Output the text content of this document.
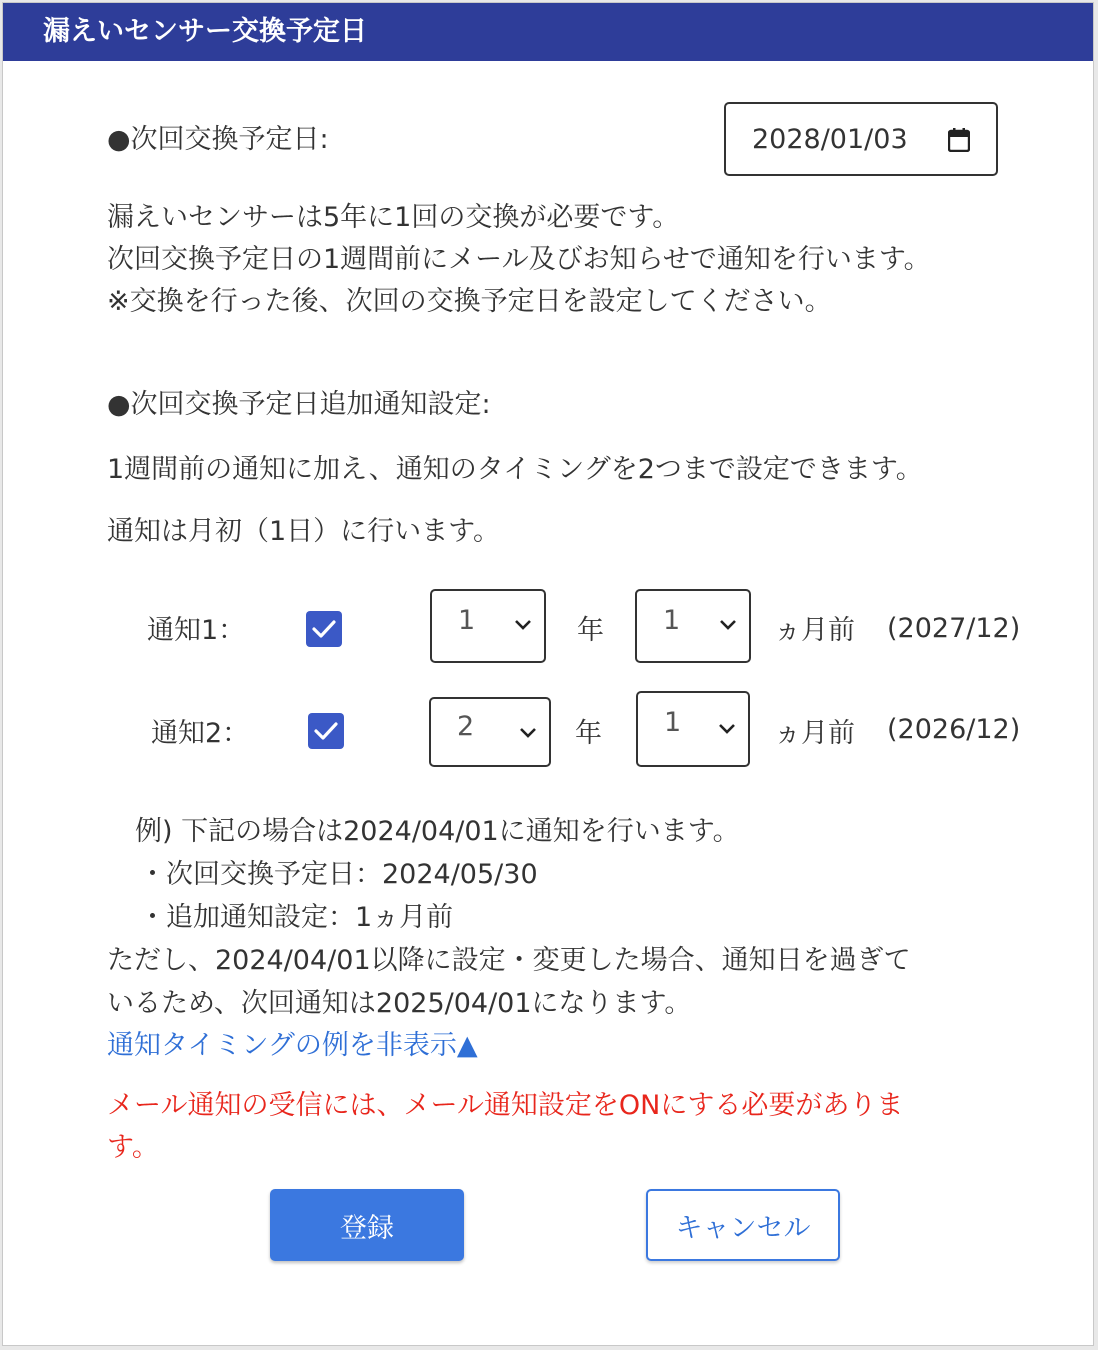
漏えいセンサー交換予定日
●次回交換予定日:	2028/01/03
漏えいセンサーは5年に1回の交換が必要です。
次回交換予定日の1週間前にメール及びお知らせで通知を行います。
※交換を行った後、次回の交換予定日を設定してください。
●次回交換予定日追加通知設定:
1週間前の通知に加え、通知のタイミングを2つまで設定できます。
通知は月初（1日）に行います。
通知1：	1	年 1	ヵ月前 (2027/12)
通知2：	2	年 1	ヵ月前 (2026/12)
例) 下記の場合は2024/04/01に通知を行います。
・次回交換予定日：2024/05/30
・追加通知設定：1ヵ月前
ただし、2024/04/01以降に設定・変更した場合、通知日を過ぎて
いるため、次回通知は2025/04/01になります。
通知タイミングの例を非表示▲
メール通知の受信には、メール通知設定をONにする必要がありま
す。
登録	キャンセル
